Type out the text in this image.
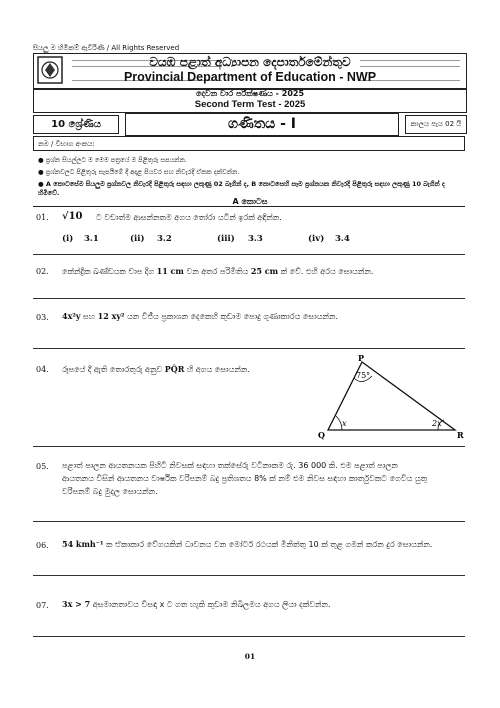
සියලු ම හිමිකම් ඇවිරිණි / All Rights Reserved
වයඹ පළාත් අධ්‍යාපන දෙපාර්තමේන්තුව
Provincial Department of Education - NWP
දෙවන වාර පරීක්ෂණය - 2025
Second Term Test - 2025
10 ශ්‍රේණිය	ගණිතය - I	කාලය පැය 02 යි
නම / විභාග අංකය:
● ප්‍රශ්න සියල්ලට ම මෙම පත්‍රයේ ම පිළිතුරු සපයන්න.
● ප්‍රශ්නවලට පිළිතුරු සැපයීමේ දී අදාළ පියවර සහ නිවැරදි ඒකක දක්වන්න.
● A කොටසේම සියලුම ප්‍රශ්නවල නිවැරදි පිළිතුරු සඳහා ලකුණු 02 බැගින් ද, B කොටසෙහි සෑම ප්‍රශ්නයක නිවැරදි පිළිතුරු සඳහා ලකුණු 10 බැගින් ද හිමිවේ.
A කොටස
01. √10 ට වඩාත්ම ආසන්නතම අගය තෝරා යටින් ඉරක් අඳින්න.
(i) 3.1	(ii) 3.2	(iii) 3.3	(iv) 3.4
02. කේන්ද්‍රික ඛණ්ඩයක චාප දිග 11 cm වන අතර පරිමිතිය 25 cm ක් වේ. එහි අරය සොයන්න.
03. 4x²y සහ 12 xy² යන වීජීය ප්‍රකාශන දෙකෙහි කුඩාම පොදු ගුණාකාරය සොයන්න.
04. රූපයේ දී ඇති තොරතුරු අනුව PQ̂R හි අගය සොයන්න.
P
Q	R
75°
x	2x
05. පළාත් පාලන ආයතනයක පිහිටි නිවසක් සඳහා තක්සේරු වටිනාකම රු. 36 000 කි. එම පළාත් පාලන
ආයතනය විසින් ආයතනය වාර්ෂික වරිපනම් බදු ප්‍රතිශතය 8% ක් නම් එම නිවස සඳහා කාර්තුවකට ගෙවිය යුතු
වරිපනම් බදු මුදල සොයන්න.
06. 54 kmh⁻¹ ක ඒකාකාර වේගයකින් ධාවනය වන මෝටර් රථයක් මිනිත්තු 10 ක් තුළ ගමන් කරන දුර සොයන්න.
07. 3x > 7 අසමානතාවය විසඳා x ට ගත හැකි කුඩාම නිඛිලමය අගය ලියා දක්වන්න.
01
